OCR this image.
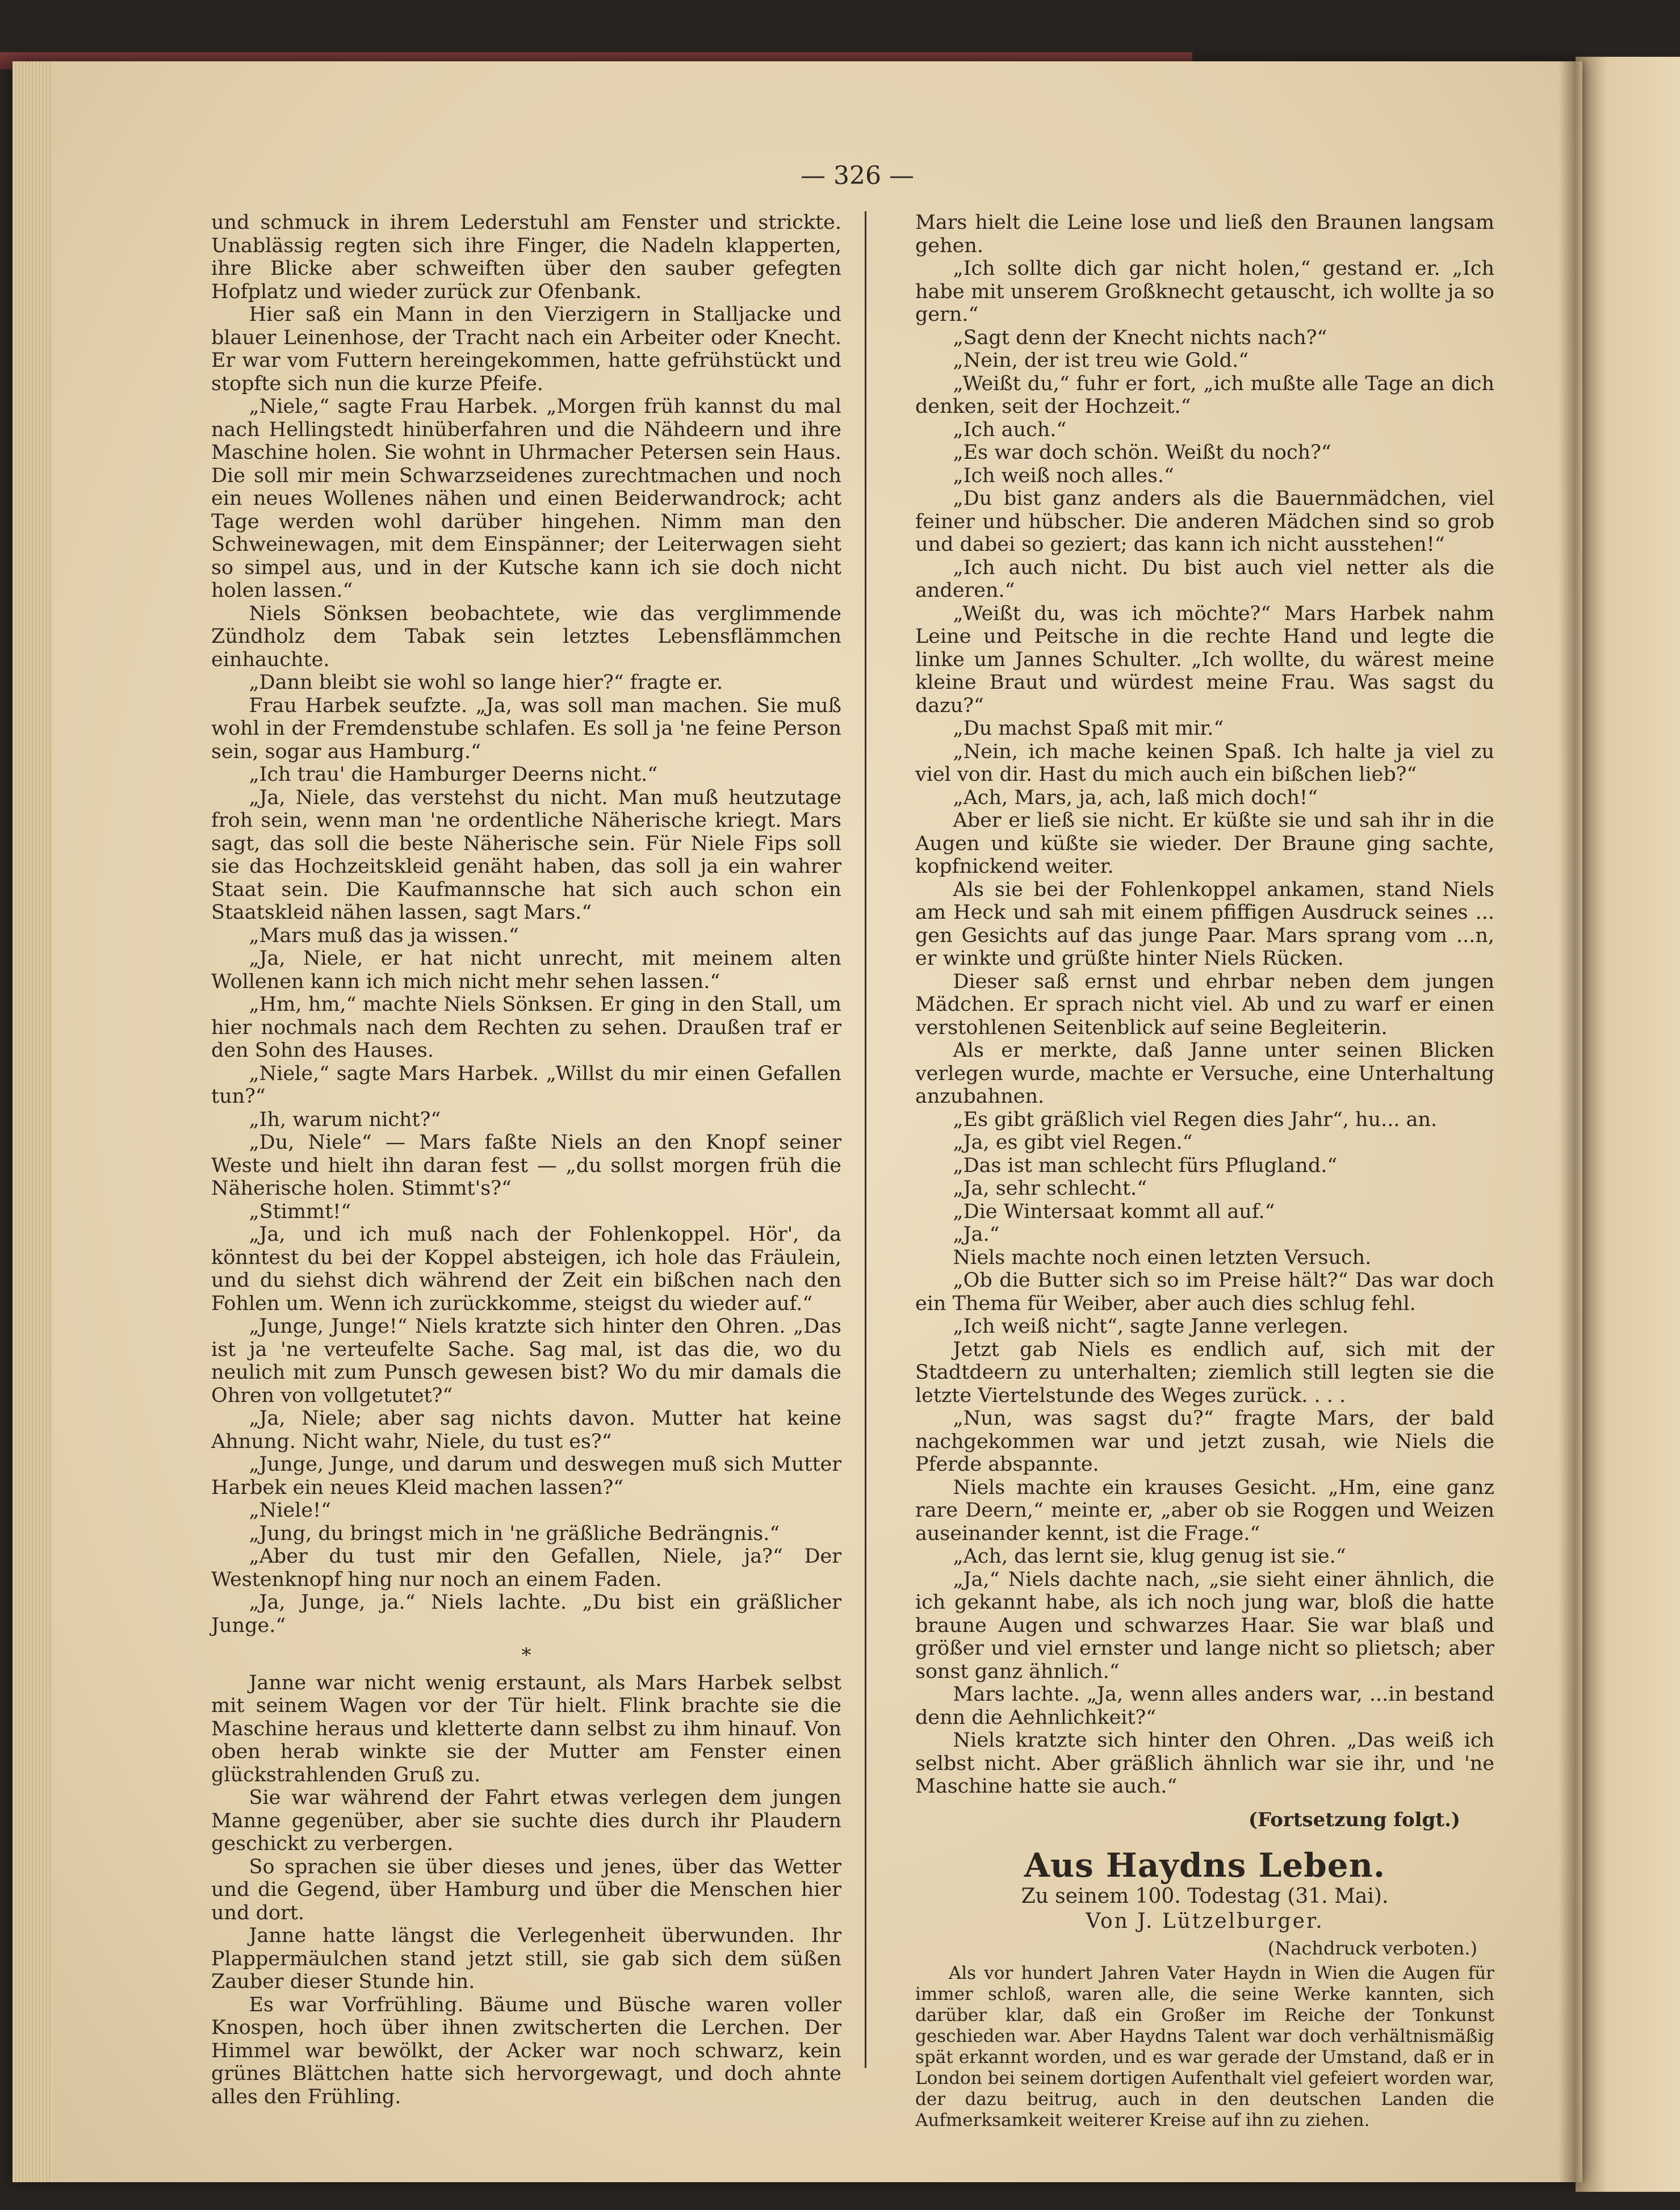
— 326 —

und schmuck in ihrem Lederstuhl am Fenster und strickte. Unablässig regten sich ihre Finger, die Nadeln klapperten, ihre Blicke aber schweiften über den sauber gefegten Hofplatz und wieder zurück zur Ofenbank.

Hier saß ein Mann in den Vierzigern in Stalljacke und blauer Leinenhose, der Tracht nach ein Arbeiter oder Knecht. Er war vom Futtern hereingekommen, hatte gefrühstückt und stopfte sich nun die kurze Pfeife.

„Niele,“ sagte Frau Harbek. „Morgen früh kannst du mal nach Hellingstedt hinüberfahren und die Nähdeern und ihre Maschine holen. Sie wohnt in Uhrmacher Petersen sein Haus. Die soll mir mein Schwarzseidenes zurechtmachen und noch ein neues Wollenes nähen und einen Beiderwandrock; acht Tage werden wohl darüber hingehen. Nimm man den Schweinewagen, mit dem Einspänner; der Leiterwagen sieht so simpel aus, und in der Kutsche kann ich sie doch nicht holen lassen.“

Niels Sönksen beobachtete, wie das verglimmende Zündholz dem Tabak sein letztes Lebensflämmchen einhauchte.

„Dann bleibt sie wohl so lange hier?“ fragte er.

Frau Harbek seufzte. „Ja, was soll man machen. Sie muß wohl in der Fremdenstube schlafen. Es soll ja 'ne feine Person sein, sogar aus Hamburg.“

„Ich trau' die Hamburger Deerns nicht.“

„Ja, Niele, das verstehst du nicht. Man muß heutzutage froh sein, wenn man 'ne ordentliche Näherische kriegt. Mars sagt, das soll die beste Näherische sein. Für Niele Fips soll sie das Hochzeitskleid genäht haben, das soll ja ein wahrer Staat sein. Die Kaufmannsche hat sich auch schon ein Staatskleid nähen lassen, sagt Mars.“

„Mars muß das ja wissen.“

„Ja, Niele, er hat nicht unrecht, mit meinem alten Wollenen kann ich mich nicht mehr sehen lassen.“

„Hm, hm,“ machte Niels Sönksen. Er ging in den Stall, um hier nochmals nach dem Rechten zu sehen. Draußen traf er den Sohn des Hauses.

„Niele,“ sagte Mars Harbek. „Willst du mir einen Gefallen tun?“

„Ih, warum nicht?“

„Du, Niele“ — Mars faßte Niels an den Knopf seiner Weste und hielt ihn daran fest — „du sollst morgen früh die Näherische holen. Stimmt's?“

„Stimmt!“

„Ja, und ich muß nach der Fohlenkoppel. Hör', da könntest du bei der Koppel absteigen, ich hole das Fräulein, und du siehst dich während der Zeit ein bißchen nach den Fohlen um. Wenn ich zurückkomme, steigst du wieder auf.“

„Junge, Junge!“ Niels kratzte sich hinter den Ohren. „Das ist ja 'ne verteufelte Sache. Sag mal, ist das die, wo du neulich mit zum Punsch gewesen bist? Wo du mir damals die Ohren von vollgetutet?“

„Ja, Niele; aber sag nichts davon. Mutter hat keine Ahnung. Nicht wahr, Niele, du tust es?“

„Junge, Junge, und darum und deswegen muß sich Mutter Harbek ein neues Kleid machen lassen?“

„Niele!“

„Jung, du bringst mich in 'ne gräßliche Bedrängnis.“

„Aber du tust mir den Gefallen, Niele, ja?“ Der Westenknopf hing nur noch an einem Faden.

„Ja, Junge, ja.“ Niels lachte. „Du bist ein gräßlicher Junge.“

*

Janne war nicht wenig erstaunt, als Mars Harbek selbst mit seinem Wagen vor der Tür hielt. Flink brachte sie die Maschine heraus und kletterte dann selbst zu ihm hinauf. Von oben herab winkte sie der Mutter am Fenster einen glückstrahlenden Gruß zu.

Sie war während der Fahrt etwas verlegen dem jungen Manne gegenüber, aber sie suchte dies durch ihr Plaudern geschickt zu verbergen.

So sprachen sie über dieses und jenes, über das Wetter und die Gegend, über Hamburg und über die Menschen hier und dort.

Janne hatte längst die Verlegenheit überwunden. Ihr Plappermäulchen stand jetzt still, sie gab sich dem süßen Zauber dieser Stunde hin.

Es war Vorfrühling. Bäume und Büsche waren voller Knospen, hoch über ihnen zwitscherten die Lerchen. Der Himmel war bewölkt, der Acker war noch schwarz, kein grünes Blättchen hatte sich hervorgewagt, und doch ahnte alles den Frühling.

Mars hielt die Leine lose und ließ den Braunen langsam gehen.

„Ich sollte dich gar nicht holen,“ gestand er. „Ich habe mit unserem Großknecht getauscht, ich wollte ja so gern.“

„Sagt denn der Knecht nichts nach?“

„Nein, der ist treu wie Gold.“

„Weißt du,“ fuhr er fort, „ich mußte alle Tage an dich denken, seit der Hochzeit.“

„Ich auch.“

„Es war doch schön. Weißt du noch?“

„Ich weiß noch alles.“

„Du bist ganz anders als die Bauernmädchen, viel feiner und hübscher. Die anderen Mädchen sind so grob und dabei so geziert; das kann ich nicht ausstehen!“

„Ich auch nicht. Du bist auch viel netter als die anderen.“

„Weißt du, was ich möchte?“ Mars Harbek nahm Leine und Peitsche in die rechte Hand und legte die linke um Jannes Schulter. „Ich wollte, du wärest meine kleine Braut und würdest meine Frau. Was sagst du dazu?“

„Du machst Spaß mit mir.“

„Nein, ich mache keinen Spaß. Ich halte ja viel zu viel von dir. Hast du mich auch ein bißchen lieb?“

„Ach, Mars, ja, ach, laß mich doch!“

Aber er ließ sie nicht. Er küßte sie und sah ihr in die Augen und küßte sie wieder. Der Braune ging sachte, kopfnickend weiter.

Als sie bei der Fohlenkoppel ankamen, stand Niels am Heck und sah mit einem pfiffigen Ausdruck seines ... gen Gesichts auf das junge Paar. Mars sprang vom ...n, er winkte und grüßte hinter Niels Rücken.

Dieser saß ernst und ehrbar neben dem jungen Mädchen. Er sprach nicht viel. Ab und zu warf er einen verstohlenen Seitenblick auf seine Begleiterin.

Als er merkte, daß Janne unter seinen Blicken verlegen wurde, machte er Versuche, eine Unterhaltung anzubahnen.

„Es gibt gräßlich viel Regen dies Jahr“, hu... an.

„Ja, es gibt viel Regen.“

„Das ist man schlecht fürs Pflugland.“

„Ja, sehr schlecht.“

„Die Wintersaat kommt all auf.“

„Ja.“

Niels machte noch einen letzten Versuch.

„Ob die Butter sich so im Preise hält?“ Das war doch ein Thema für Weiber, aber auch dies schlug fehl.

„Ich weiß nicht“, sagte Janne verlegen.

Jetzt gab Niels es endlich auf, sich mit der Stadtdeern zu unterhalten; ziemlich still legten sie die letzte Viertelstunde des Weges zurück. . . .

„Nun, was sagst du?“ fragte Mars, der bald nachgekommen war und jetzt zusah, wie Niels die Pferde abspannte.

Niels machte ein krauses Gesicht. „Hm, eine ganz rare Deern,“ meinte er, „aber ob sie Roggen und Weizen auseinander kennt, ist die Frage.“

„Ach, das lernt sie, klug genug ist sie.“

„Ja,“ Niels dachte nach, „sie sieht einer ähnlich, die ich gekannt habe, als ich noch jung war, bloß die hatte braune Augen und schwarzes Haar. Sie war blaß und größer und viel ernster und lange nicht so plietsch; aber sonst ganz ähnlich.“

Mars lachte. „Ja, wenn alles anders war, ...in bestand denn die Aehnlichkeit?“

Niels kratzte sich hinter den Ohren. „Das weiß ich selbst nicht. Aber gräßlich ähnlich war sie ihr, und 'ne Maschine hatte sie auch.“

(Fortsetzung folgt.)
Aus Haydns Leben.
Zu seinem 100. Todestag (31. Mai).
Von J. Lützelburger.
(Nachdruck verboten.)

Als vor hundert Jahren Vater Haydn in Wien die Augen für immer schloß, waren alle, die seine Werke kannten, sich darüber klar, daß ein Großer im Reiche der Tonkunst geschieden war. Aber Haydns Talent war doch verhältnismäßig spät erkannt worden, und es war gerade der Umstand, daß er in London bei seinem dortigen Aufenthalt viel gefeiert worden war, der dazu beitrug, auch in den deutschen Landen die Aufmerksamkeit weiterer Kreise auf ihn zu ziehen.
